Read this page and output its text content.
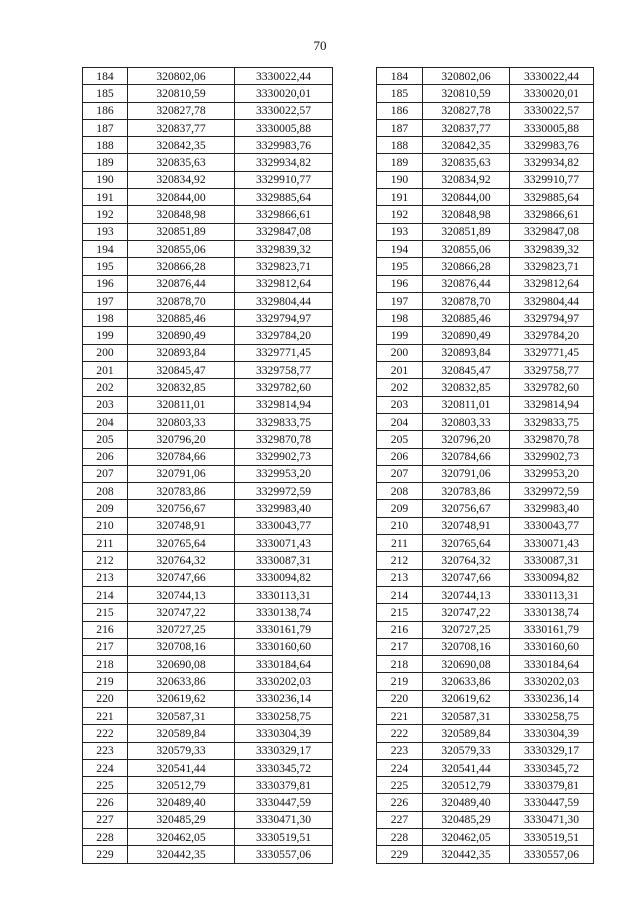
70
184	320802,06	3330022,44
185	320810,59	3330020,01
186	320827,78	3330022,57
187	320837,77	3330005,88
188	320842,35	3329983,76
189	320835,63	3329934,82
190	320834,92	3329910,77
191	320844,00	3329885,64
192	320848,98	3329866,61
193	320851,89	3329847,08
194	320855,06	3329839,32
195	320866,28	3329823,71
196	320876,44	3329812,64
197	320878,70	3329804,44
198	320885,46	3329794,97
199	320890,49	3329784,20
200	320893,84	3329771,45
201	320845,47	3329758,77
202	320832,85	3329782,60
203	320811,01	3329814,94
204	320803,33	3329833,75
205	320796,20	3329870,78
206	320784,66	3329902,73
207	320791,06	3329953,20
208	320783,86	3329972,59
209	320756,67	3329983,40
210	320748,91	3330043,77
211	320765,64	3330071,43
212	320764,32	3330087,31
213	320747,66	3330094,82
214	320744,13	3330113,31
215	320747,22	3330138,74
216	320727,25	3330161,79
217	320708,16	3330160,60
218	320690,08	3330184,64
219	320633,86	3330202,03
220	320619,62	3330236,14
221	320587,31	3330258,75
222	320589,84	3330304,39
223	320579,33	3330329,17
224	320541,44	3330345,72
225	320512,79	3330379,81
226	320489,40	3330447,59
227	320485,29	3330471,30
228	320462,05	3330519,51
229	320442,35	3330557,06
184	320802,06	3330022,44
185	320810,59	3330020,01
186	320827,78	3330022,57
187	320837,77	3330005,88
188	320842,35	3329983,76
189	320835,63	3329934,82
190	320834,92	3329910,77
191	320844,00	3329885,64
192	320848,98	3329866,61
193	320851,89	3329847,08
194	320855,06	3329839,32
195	320866,28	3329823,71
196	320876,44	3329812,64
197	320878,70	3329804,44
198	320885,46	3329794,97
199	320890,49	3329784,20
200	320893,84	3329771,45
201	320845,47	3329758,77
202	320832,85	3329782,60
203	320811,01	3329814,94
204	320803,33	3329833,75
205	320796,20	3329870,78
206	320784,66	3329902,73
207	320791,06	3329953,20
208	320783,86	3329972,59
209	320756,67	3329983,40
210	320748,91	3330043,77
211	320765,64	3330071,43
212	320764,32	3330087,31
213	320747,66	3330094,82
214	320744,13	3330113,31
215	320747,22	3330138,74
216	320727,25	3330161,79
217	320708,16	3330160,60
218	320690,08	3330184,64
219	320633,86	3330202,03
220	320619,62	3330236,14
221	320587,31	3330258,75
222	320589,84	3330304,39
223	320579,33	3330329,17
224	320541,44	3330345,72
225	320512,79	3330379,81
226	320489,40	3330447,59
227	320485,29	3330471,30
228	320462,05	3330519,51
229	320442,35	3330557,06
